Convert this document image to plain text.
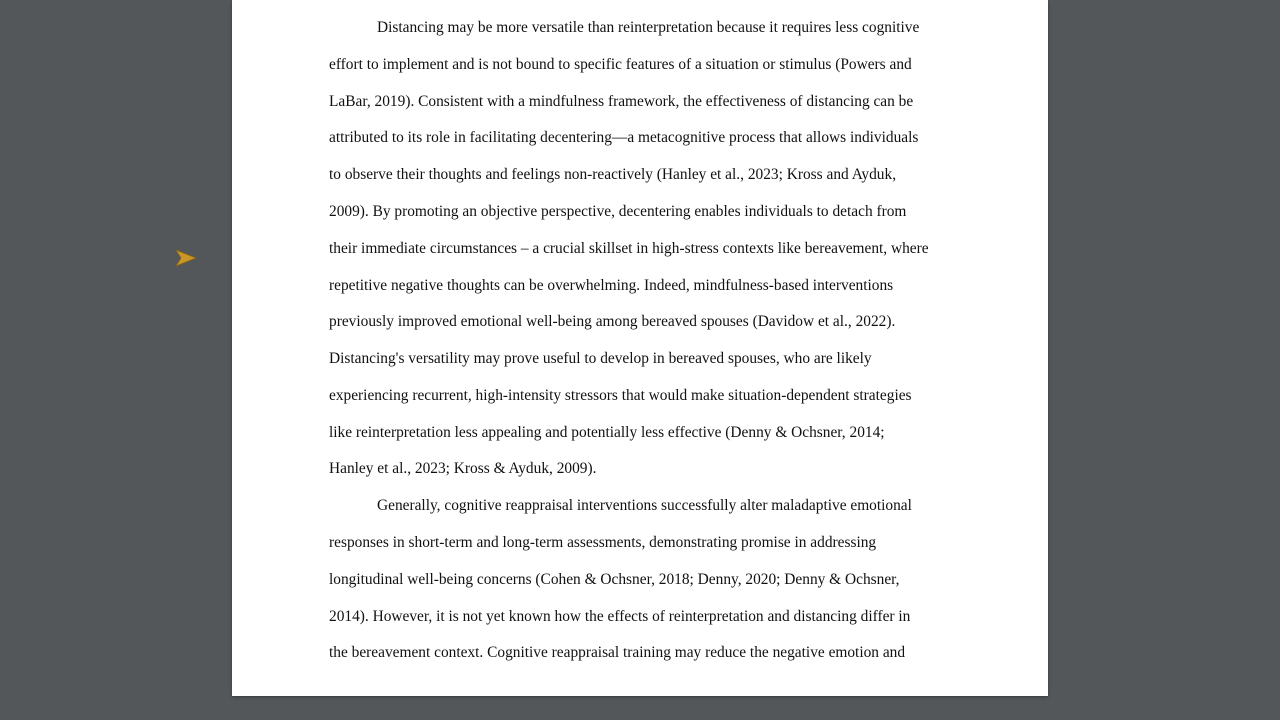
Distancing may be more versatile than reinterpretation because it requires less cognitive
effort to implement and is not bound to specific features of a situation or stimulus (Powers and
LaBar, 2019). Consistent with a mindfulness framework, the effectiveness of distancing can be
attributed to its role in facilitating decentering—a metacognitive process that allows individuals
to observe their thoughts and feelings non-reactively (Hanley et al., 2023; Kross and Ayduk,
2009). By promoting an objective perspective, decentering enables individuals to detach from
their immediate circumstances – a crucial skillset in high-stress contexts like bereavement, where
repetitive negative thoughts can be overwhelming. Indeed, mindfulness-based interventions
previously improved emotional well-being among bereaved spouses (Davidow et al., 2022).
Distancing's versatility may prove useful to develop in bereaved spouses, who are likely
experiencing recurrent, high-intensity stressors that would make situation-dependent strategies
like reinterpretation less appealing and potentially less effective (Denny & Ochsner, 2014;
Hanley et al., 2023; Kross & Ayduk, 2009).
Generally, cognitive reappraisal interventions successfully alter maladaptive emotional
responses in short-term and long-term assessments, demonstrating promise in addressing
longitudinal well-being concerns (Cohen & Ochsner, 2018; Denny, 2020; Denny & Ochsner,
2014). However, it is not yet known how the effects of reinterpretation and distancing differ in
the bereavement context. Cognitive reappraisal training may reduce the negative emotion and
